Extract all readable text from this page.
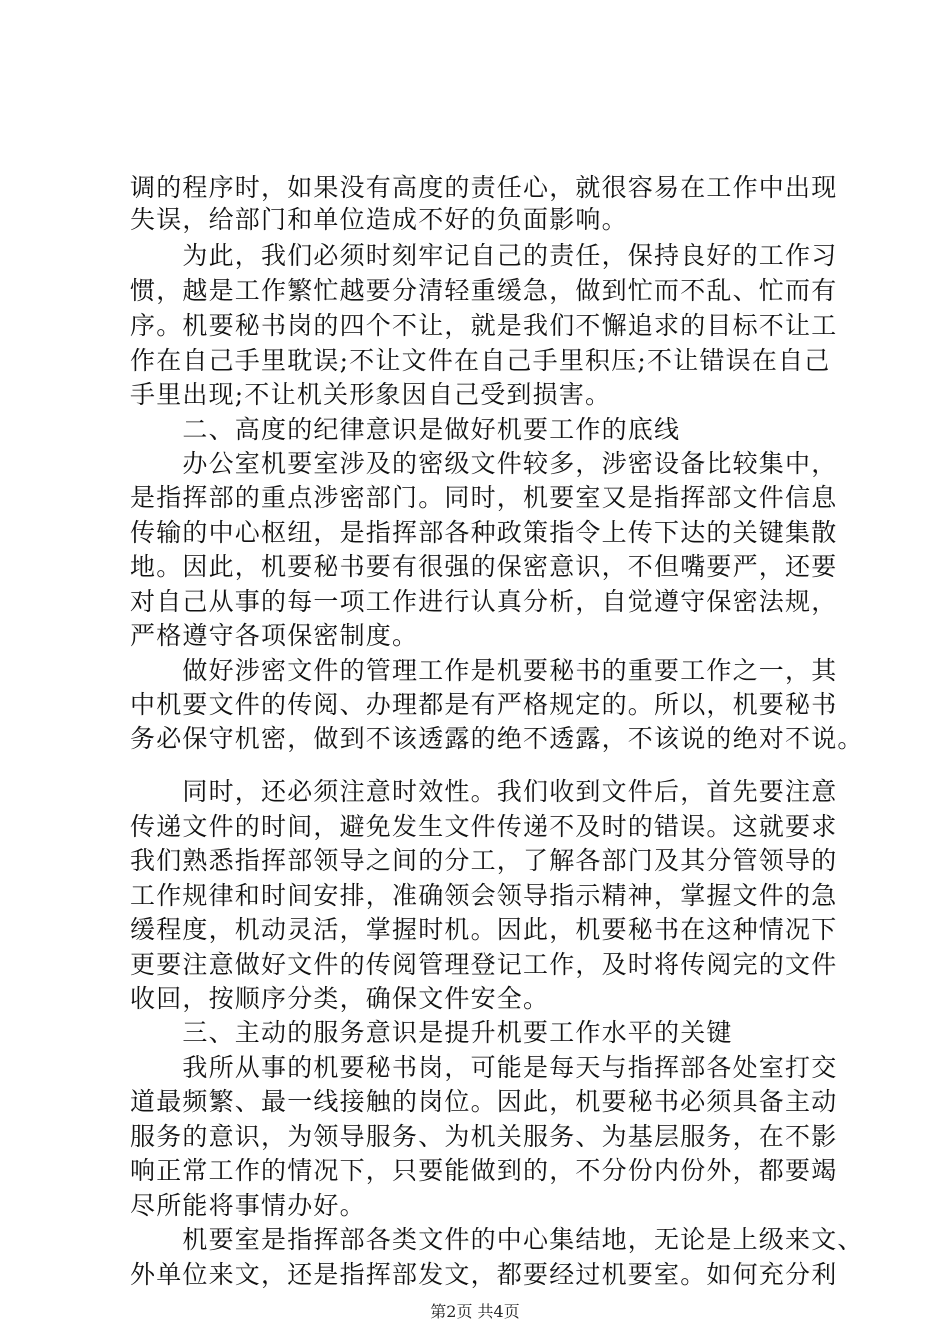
调的程序时，如果没有高度的责任心，就很容易在工作中出现
失误，给部门和单位造成不好的负面影响。
　　为此，我们必须时刻牢记自己的责任，保持良好的工作习
惯，越是工作繁忙越要分清轻重缓急，做到忙而不乱、忙而有
序。机要秘书岗的四个不让，就是我们不懈追求的目标不让工
作在自己手里耽误;不让文件在自己手里积压;不让错误在自己
手里出现;不让机关形象因自己受到损害。
　　二、高度的纪律意识是做好机要工作的底线
　　办公室机要室涉及的密级文件较多，涉密设备比较集中，
是指挥部的重点涉密部门。同时，机要室又是指挥部文件信息
传输的中心枢纽，是指挥部各种政策指令上传下达的关键集散
地。因此，机要秘书要有很强的保密意识，不但嘴要严，还要
对自己从事的每一项工作进行认真分析，自觉遵守保密法规，
严格遵守各项保密制度。
　　做好涉密文件的管理工作是机要秘书的重要工作之一，其
中机要文件的传阅、办理都是有严格规定的。所以，机要秘书
务必保守机密，做到不该透露的绝不透露，不该说的绝对不说。
　　同时，还必须注意时效性。我们收到文件后，首先要注意
传递文件的时间，避免发生文件传递不及时的错误。这就要求
我们熟悉指挥部领导之间的分工，了解各部门及其分管领导的
工作规律和时间安排，准确领会领导指示精神，掌握文件的急
缓程度，机动灵活，掌握时机。因此，机要秘书在这种情况下
更要注意做好文件的传阅管理登记工作，及时将传阅完的文件
收回，按顺序分类，确保文件安全。
　　三、主动的服务意识是提升机要工作水平的关键
　　我所从事的机要秘书岗，可能是每天与指挥部各处室打交
道最频繁、最一线接触的岗位。因此，机要秘书必须具备主动
服务的意识，为领导服务、为机关服务、为基层服务，在不影
响正常工作的情况下，只要能做到的，不分份内份外，都要竭
尽所能将事情办好。
　　机要室是指挥部各类文件的中心集结地，无论是上级来文、
外单位来文，还是指挥部发文，都要经过机要室。如何充分利
第2页 共4页
